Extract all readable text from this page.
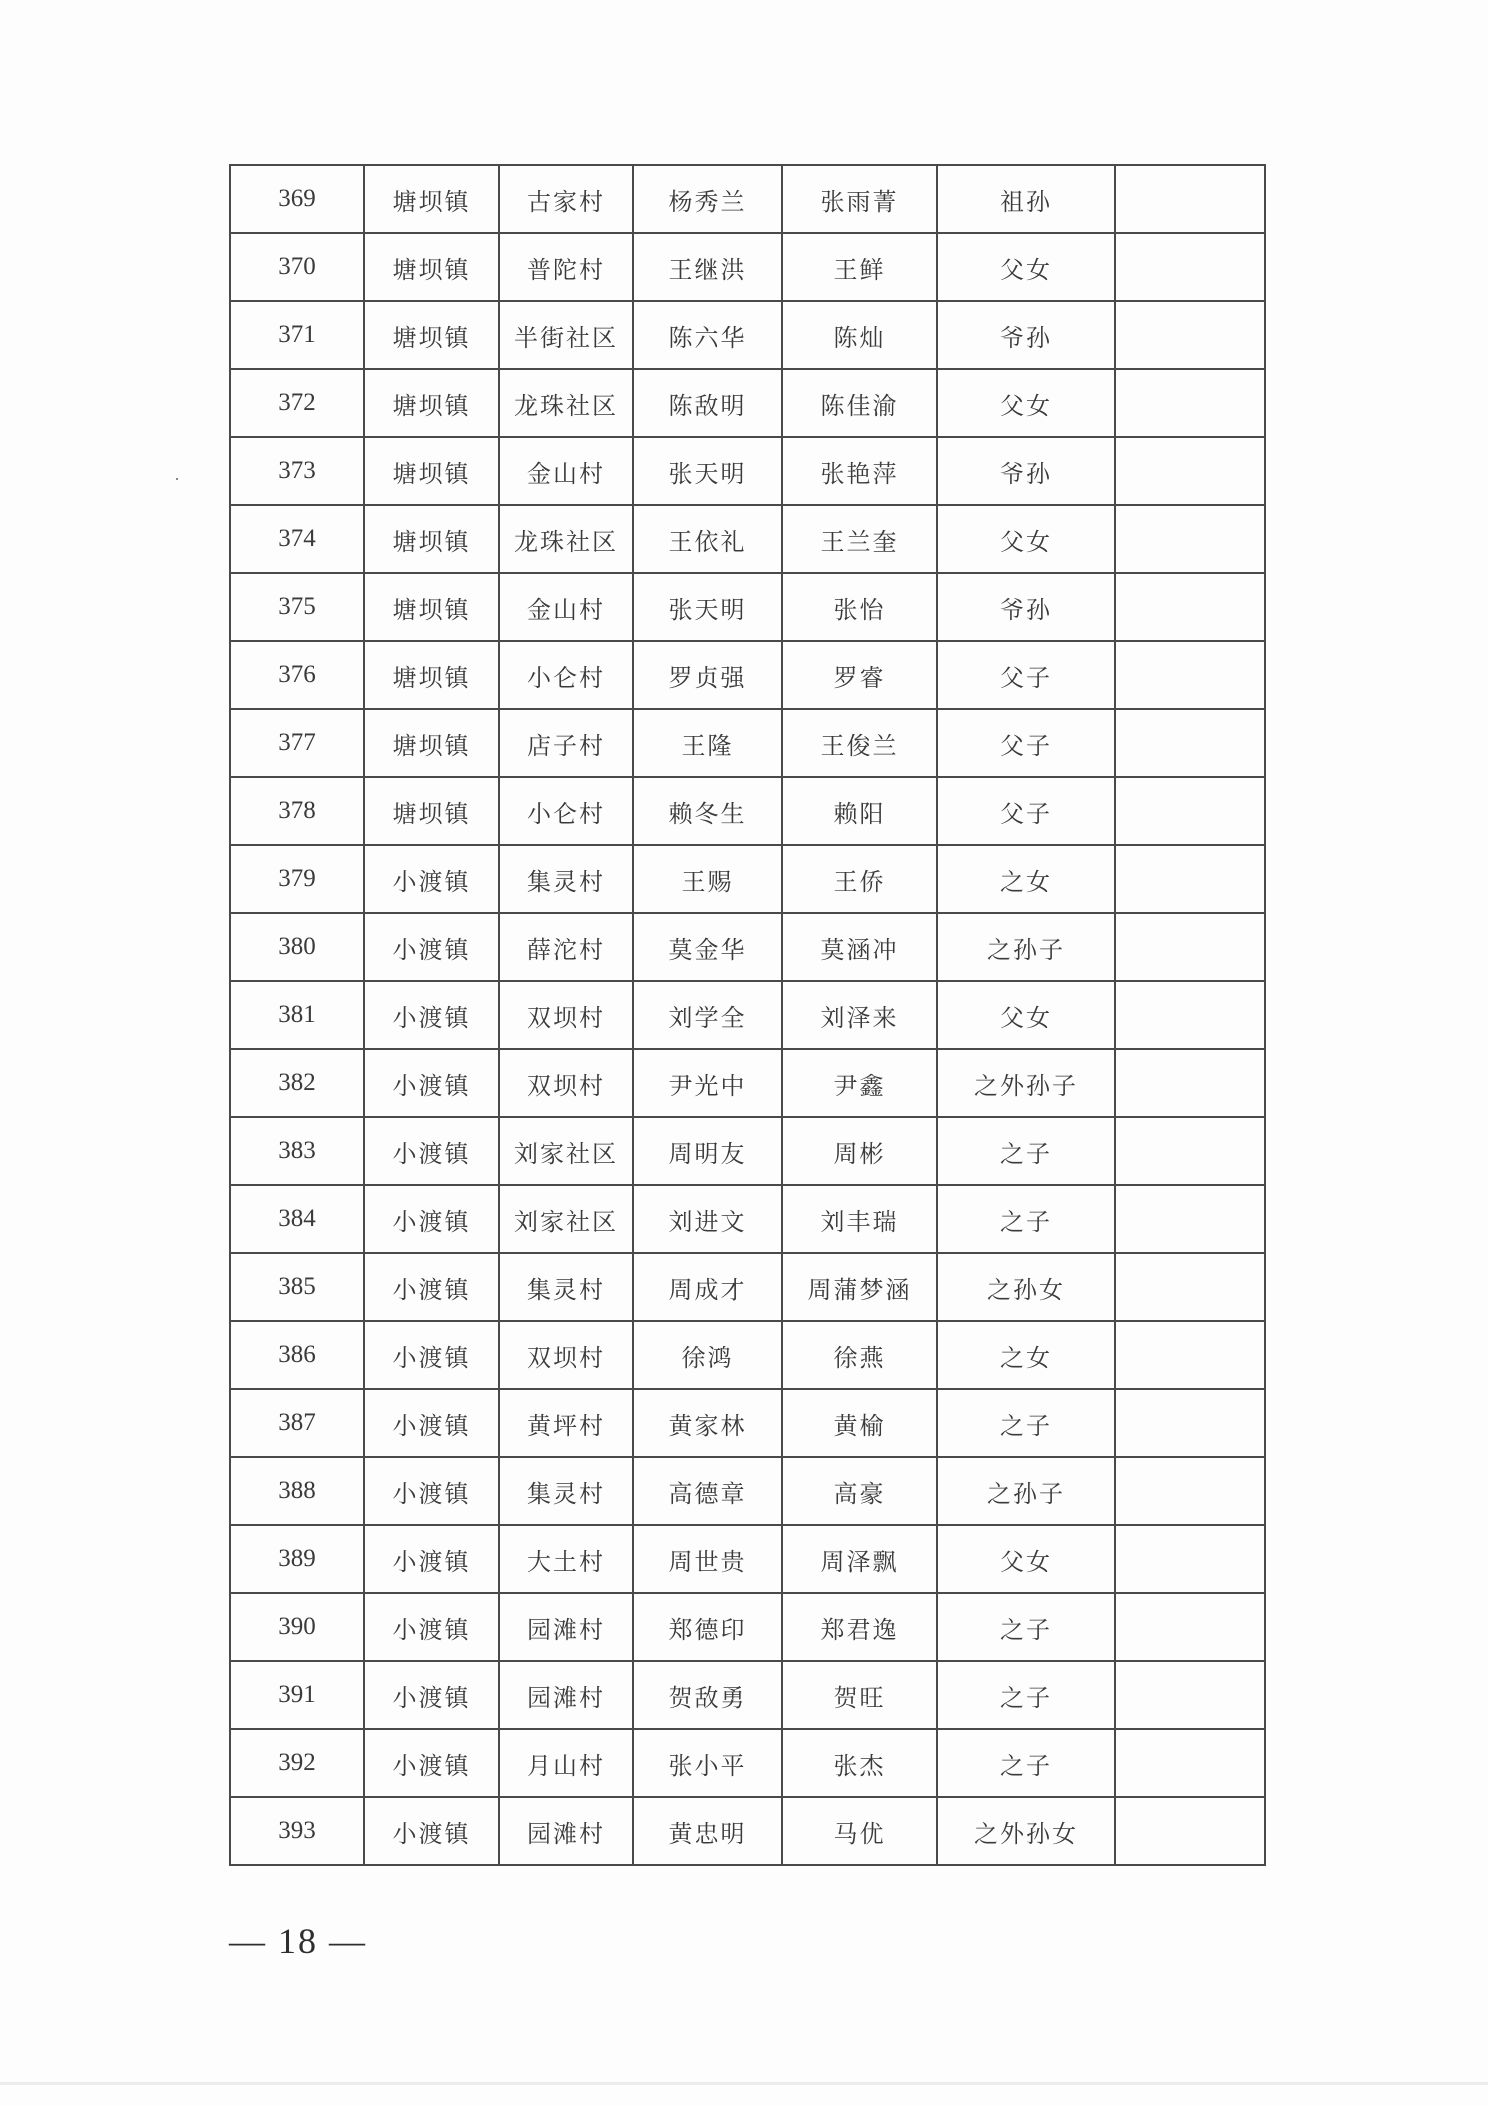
369	塘坝镇	古家村	杨秀兰	张雨菁	祖孙	
370	塘坝镇	普陀村	王继洪	王鲜	父女	
371	塘坝镇	半街社区	陈六华	陈灿	爷孙	
372	塘坝镇	龙珠社区	陈敌明	陈佳渝	父女	
373	塘坝镇	金山村	张天明	张艳萍	爷孙	
374	塘坝镇	龙珠社区	王依礼	王兰奎	父女	
375	塘坝镇	金山村	张天明	张怡	爷孙	
376	塘坝镇	小仑村	罗贞强	罗睿	父子	
377	塘坝镇	店子村	王隆	王俊兰	父子	
378	塘坝镇	小仑村	赖冬生	赖阳	父子	
379	小渡镇	集灵村	王赐	王侨	之女	
380	小渡镇	薛沱村	莫金华	莫涵冲	之孙子	
381	小渡镇	双坝村	刘学全	刘泽来	父女	
382	小渡镇	双坝村	尹光中	尹鑫	之外孙子	
383	小渡镇	刘家社区	周明友	周彬	之子	
384	小渡镇	刘家社区	刘进文	刘丰瑞	之子	
385	小渡镇	集灵村	周成才	周蒲梦涵	之孙女	
386	小渡镇	双坝村	徐鸿	徐燕	之女	
387	小渡镇	黄坪村	黄家林	黄榆	之子	
388	小渡镇	集灵村	高德章	高豪	之孙子	
389	小渡镇	大土村	周世贵	周泽飘	父女	
390	小渡镇	园滩村	郑德印	郑君逸	之子	
391	小渡镇	园滩村	贺敌勇	贺旺	之子	
392	小渡镇	月山村	张小平	张杰	之子	
393	小渡镇	园滩村	黄忠明	马优	之外孙女	
— 18 —
